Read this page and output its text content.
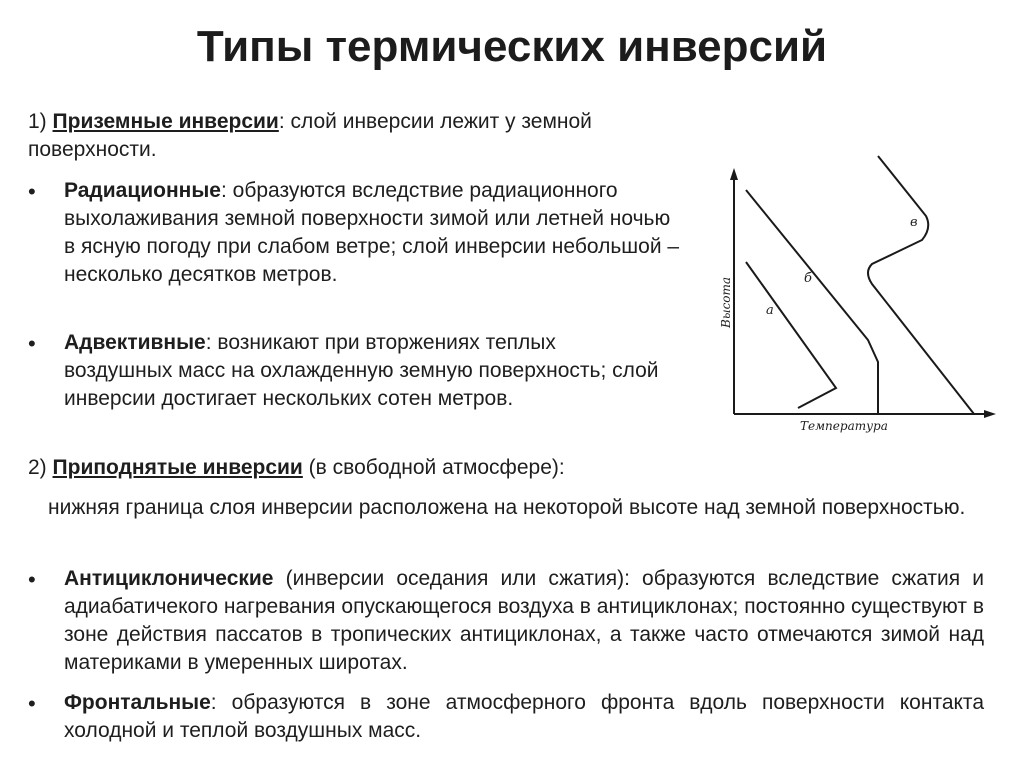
Типы термических инверсий
1) Приземные инверсии: слой инверсии лежит у земной поверхности.
•	Радиационные: образуются вследствие радиационного выхолаживания земной поверхности зимой или летней ночью в ясную погоду при слабом ветре; слой инверсии небольшой – несколько десятков метров.
•	Адвективные: возникают при вторжениях теплых воздушных масс на охлажденную земную поверхность; слой инверсии достигает нескольких сотен метров.
2) Приподнятые инверсии (в свободной атмосфере):
нижняя граница слоя инверсии расположена на некоторой высоте над земной поверхностью.
•	Антициклонические (инверсии оседания или сжатия): образуются вследствие сжатия и адиабатичекого нагревания опускающегося воздуха в антициклонах; постоянно существуют в зоне действия пассатов в тропических антициклонах, а также часто отмечаются зимой над материками в умеренных широтах.
•	Фронтальные: образуются в зоне атмосферного фронта вдоль поверхности контакта холодной и теплой воздушных масс.
Высота
Температура
а
б
в
